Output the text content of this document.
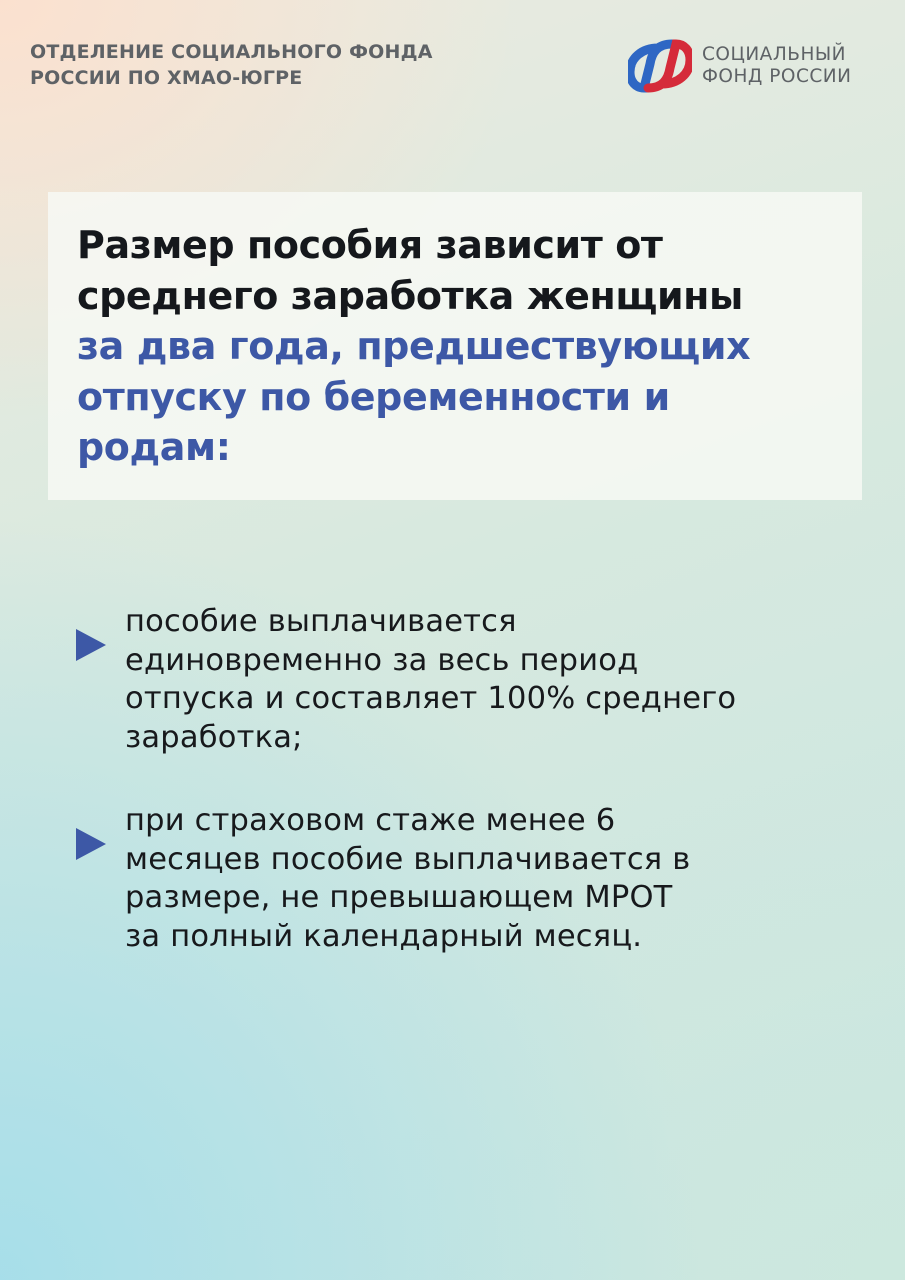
ОТДЕЛЕНИЕ СОЦИАЛЬНОГО ФОНДА
РОССИИ ПО ХМАО-ЮГРЕ
СОЦИАЛЬНЫЙ
ФОНД РОССИИ
Размер пособия зависит от
среднего заработка женщины
за два года, предшествующих
отпуску по беременности и
родам:
пособие выплачивается
единовременно за весь период
отпуска и составляет 100% среднего
заработка;
при страховом стаже менее 6
месяцев пособие выплачивается в
размере, не превышающем МРОТ
за полный календарный месяц.
